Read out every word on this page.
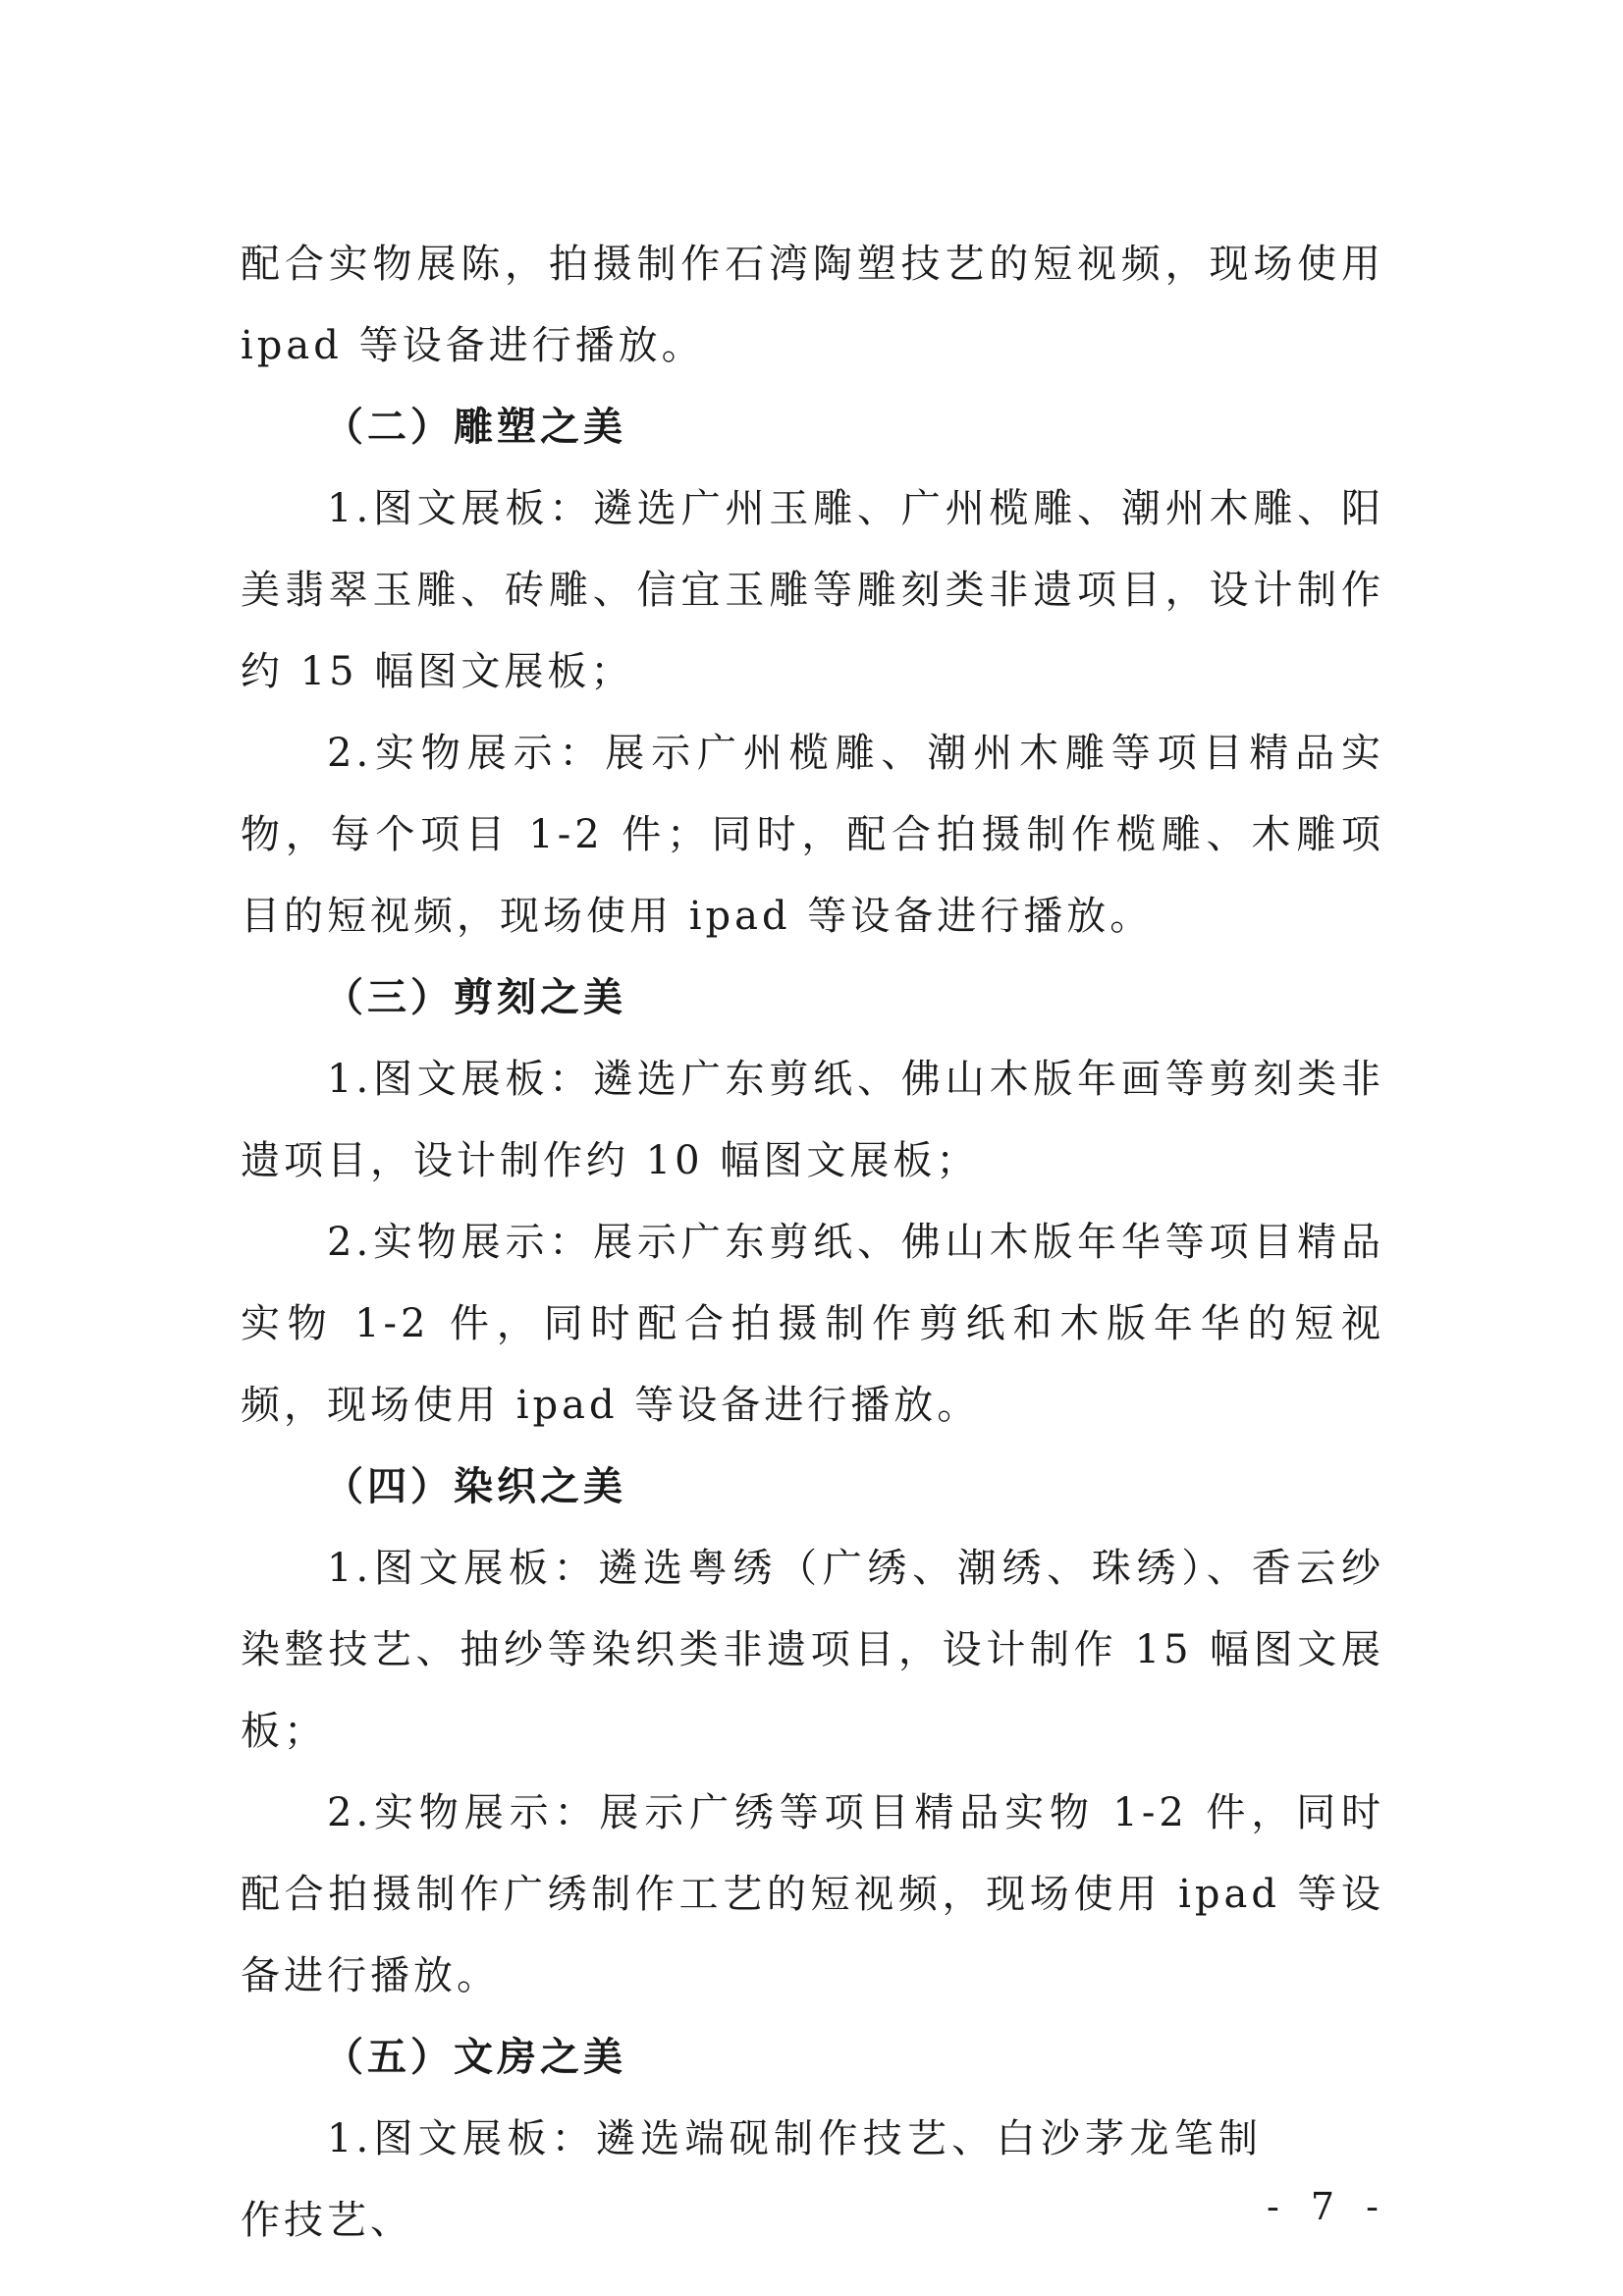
配合实物展陈，拍摄制作石湾陶塑技艺的短视频，现场使用ipad 等设备进行播放。

（二）雕塑之美

1.图文展板：遴选广州玉雕、广州榄雕、潮州木雕、阳美翡翠玉雕、砖雕、信宜玉雕等雕刻类非遗项目，设计制作约 15 幅图文展板；

2.实物展示：展示广州榄雕、潮州木雕等项目精品实物，每个项目 1-2 件；同时，配合拍摄制作榄雕、木雕项目的短视频，现场使用 ipad 等设备进行播放。

（三）剪刻之美

1.图文展板：遴选广东剪纸、佛山木版年画等剪刻类非遗项目，设计制作约 10 幅图文展板；

2.实物展示：展示广东剪纸、佛山木版年华等项目精品实物 1-2 件，同时配合拍摄制作剪纸和木版年华的短视频，现场使用 ipad 等设备进行播放。

（四）染织之美

1.图文展板：遴选粤绣（广绣、潮绣、珠绣）、香云纱染整技艺、抽纱等染织类非遗项目，设计制作 15 幅图文展板；

2.实物展示：展示广绣等项目精品实物 1-2 件，同时配合拍摄制作广绣制作工艺的短视频，现场使用 ipad 等设备进行播放。

（五）文房之美

1.图文展板：遴选端砚制作技艺、白沙茅龙笔制作技艺、	- 7 -
